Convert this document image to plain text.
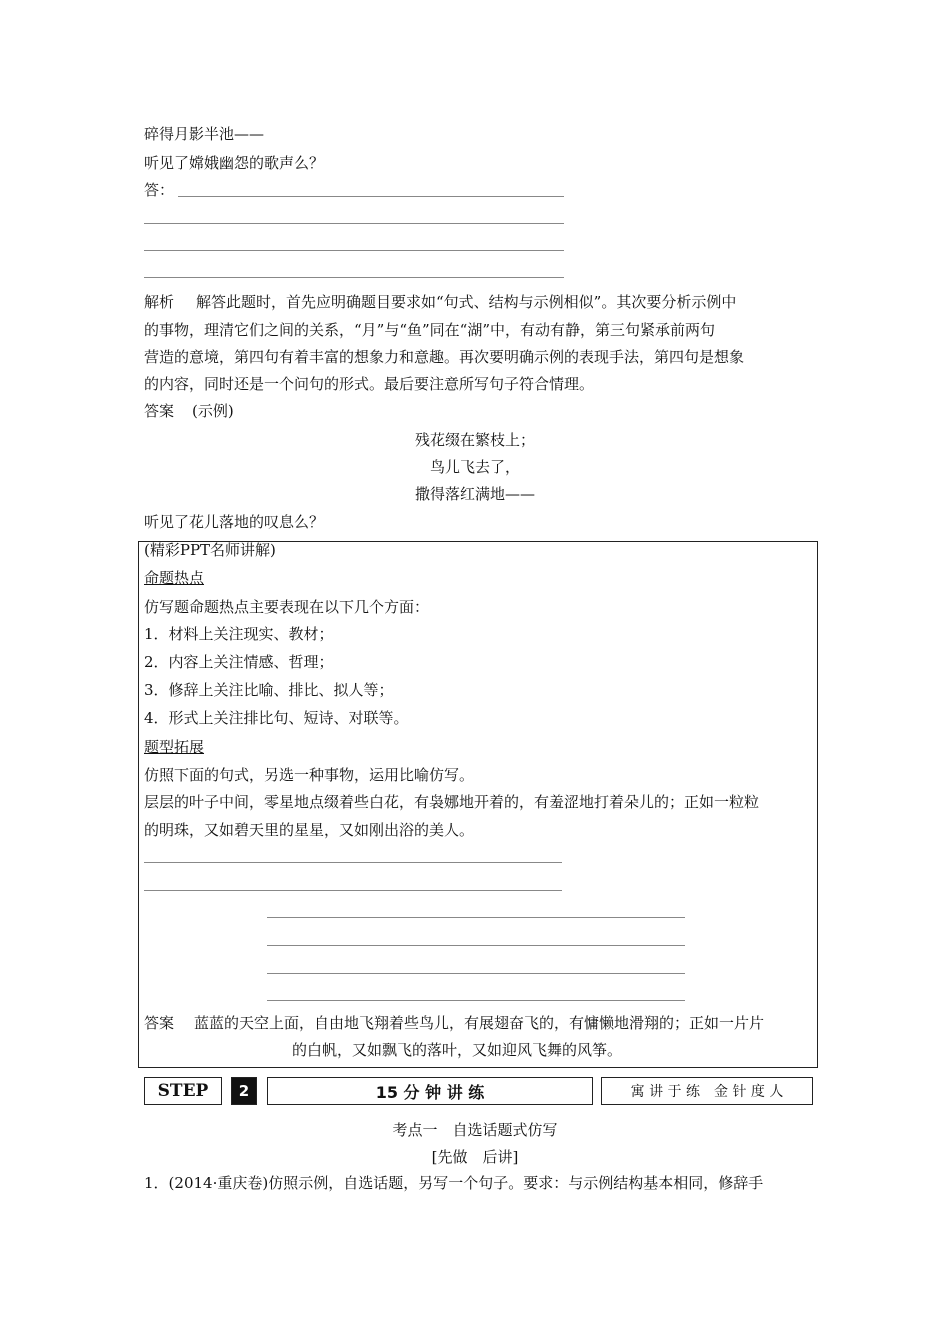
碎得月影半池——
听见了嫦娥幽怨的歌声么？
答：
解析 解答此题时，首先应明确题目要求如“句式、结构与示例相似”。其次要分析示例中
的事物，理清它们之间的关系，“月”与“鱼”同在“湖”中，有动有静，第三句紧承前两句
营造的意境，第四句有着丰富的想象力和意趣。再次要明确示例的表现手法，第四句是想象
的内容，同时还是一个问句的形式。最后要注意所写句子符合情理。
答案 (示例)
残花缀在繁枝上；
鸟儿飞去了，
撒得落红满地——
听见了花儿落地的叹息么？
(精彩PPT名师讲解)
命题热点
仿写题命题热点主要表现在以下几个方面：
1．材料上关注现实、教材；
2．内容上关注情感、哲理；
3．修辞上关注比喻、排比、拟人等；
4．形式上关注排比句、短诗、对联等。
题型拓展
仿照下面的句式，另选一种事物，运用比喻仿写。
层层的叶子中间，零星地点缀着些白花，有袅娜地开着的，有羞涩地打着朵儿的；正如一粒粒
的明珠，又如碧天里的星星，又如刚出浴的美人。
答案 蓝蓝的天空上面，自由地飞翔着些鸟儿，有展翅奋飞的，有慵懒地滑翔的；正如一片片
的白帆，又如飘飞的落叶，又如迎风飞舞的风筝。
STEP	2	15 分 钟 讲 练	寓 讲 于 练　金 针 度 人
考点一　自选话题式仿写
[先做　后讲]
1．(2014·重庆卷)仿照示例，自选话题，另写一个句子。要求：与示例结构基本相同，修辞手
